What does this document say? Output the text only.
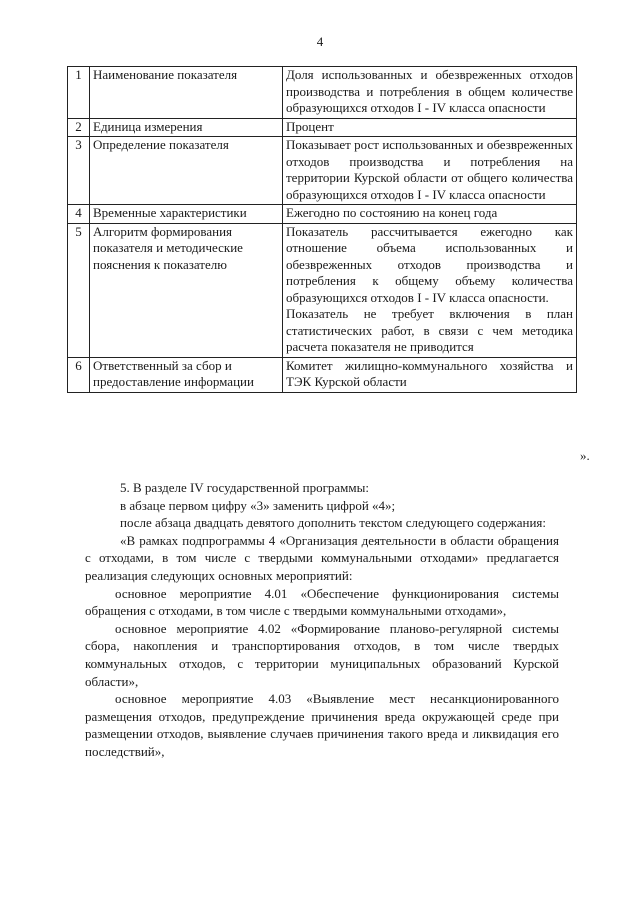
4
1	Наименование показателя	Доля использованных и обезвреженных отходов производства и потребления в общем количестве образующихся отходов I - IV класса опасности
2	Единица измерения	Процент
3	Определение показателя	Показывает рост использованных и обезвреженных отходов производства и потребления на территории Курской области от общего количества образующихся отходов I - IV класса опасности
4	Временные характеристики	Ежегодно по состоянию на конец года
5	Алгоритм формирования показателя и методические пояснения к показателю	Показатель рассчитывается ежегодно как отношение объема использованных и обезвреженных отходов производства и потребления к общему объему количества образующихся отходов I - IV класса опасности.
Показатель не требует включения в план статистических работ, в связи с чем методика расчета показателя не приводится

6	Ответственный за сбор и предоставление информации	Комитет жилищно-коммунального хозяйства и ТЭК Курской области
».

5. В разделе IV государственной программы:

в абзаце первом цифру «3» заменить цифрой «4»;

после абзаца двадцать девятого дополнить текстом следующего содержания:

«В рамках подпрограммы 4 «Организация деятельности в области обращения с отходами, в том числе с твердыми коммунальными отходами» предлагается реализация следующих основных мероприятий:

основное мероприятие 4.01 «Обеспечение функционирования системы обращения с отходами, в том числе с твердыми коммунальными отходами»,

основное мероприятие 4.02 «Формирование планово-регулярной системы сбора, накопления и транспортирования отходов, в том числе твердых коммунальных отходов, с территории муниципальных образований Курской области»,

основное мероприятие 4.03 «Выявление мест несанкционированного размещения отходов, предупреждение причинения вреда окружающей среде при размещении отходов, выявление случаев причинения такого вреда и ликвидация его последствий»,
